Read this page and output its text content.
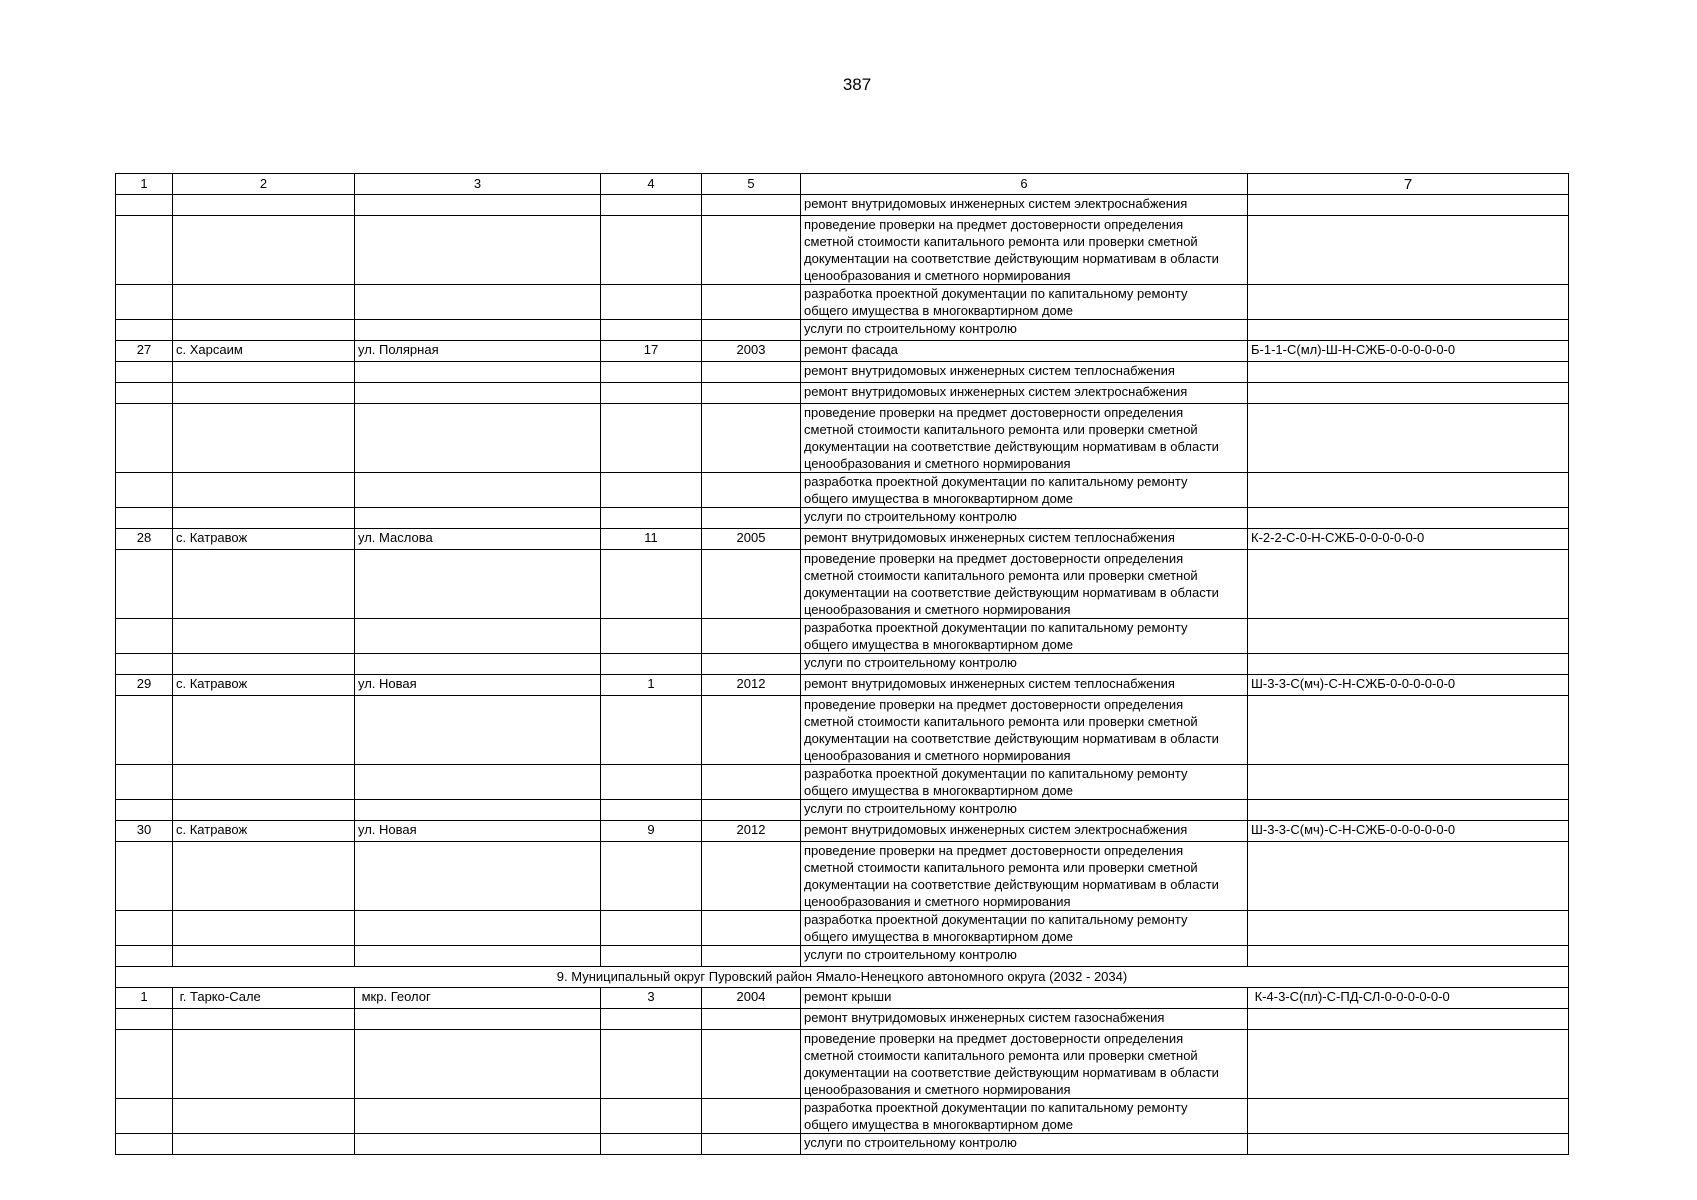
387
1	2	3	4	5	6	7
					ремонт внутридомовых инженерных систем электроснабжения	

					проведение проверки на предмет достоверности определения
сметной стоимости капитального ремонта или проверки сметной
документации на соответствие действующим нормативам в области
ценообразования и сметного нормирования	

					разработка проектной документации по капитальному ремонту
общего имущества в многоквартирном доме	

					услуги по строительному контролю	
27	с. Харсаим	ул. Полярная	17	2003	ремонт фасада	Б-1-1-С(мл)-Ш-Н-СЖБ-0-0-0-0-0-0
					ремонт внутридомовых инженерных систем теплоснабжения	
					ремонт внутридомовых инженерных систем электроснабжения	

					проведение проверки на предмет достоверности определения
сметной стоимости капитального ремонта или проверки сметной
документации на соответствие действующим нормативам в области
ценообразования и сметного нормирования	

					разработка проектной документации по капитальному ремонту
общего имущества в многоквартирном доме	

					услуги по строительному контролю	
28	с. Катравож	ул. Маслова	11	2005	ремонт внутридомовых инженерных систем теплоснабжения	К-2-2-С-0-Н-СЖБ-0-0-0-0-0-0

					проведение проверки на предмет достоверности определения
сметной стоимости капитального ремонта или проверки сметной
документации на соответствие действующим нормативам в области
ценообразования и сметного нормирования	

					разработка проектной документации по капитальному ремонту
общего имущества в многоквартирном доме	

					услуги по строительному контролю	
29	с. Катравож	ул. Новая	1	2012	ремонт внутридомовых инженерных систем теплоснабжения	Ш-3-3-С(мч)-С-Н-СЖБ-0-0-0-0-0-0

					проведение проверки на предмет достоверности определения
сметной стоимости капитального ремонта или проверки сметной
документации на соответствие действующим нормативам в области
ценообразования и сметного нормирования	

					разработка проектной документации по капитальному ремонту
общего имущества в многоквартирном доме	

					услуги по строительному контролю	
30	с. Катравож	ул. Новая	9	2012	ремонт внутридомовых инженерных систем электроснабжения	Ш-3-3-С(мч)-С-Н-СЖБ-0-0-0-0-0-0

					проведение проверки на предмет достоверности определения
сметной стоимости капитального ремонта или проверки сметной
документации на соответствие действующим нормативам в области
ценообразования и сметного нормирования	

					разработка проектной документации по капитальному ремонту
общего имущества в многоквартирном доме	

					услуги по строительному контролю	
9. Муниципальный округ Пуровский район Ямало-Ненецкого автономного округа (2032 - 2034)						
1	г. Тарко-Сале	мкр. Геолог	3	2004	ремонт крыши	К-4-3-С(пл)-С-ПД-СЛ-0-0-0-0-0-0
					ремонт внутридомовых инженерных систем газоснабжения	

					проведение проверки на предмет достоверности определения
сметной стоимости капитального ремонта или проверки сметной
документации на соответствие действующим нормативам в области
ценообразования и сметного нормирования	

					разработка проектной документации по капитальному ремонту
общего имущества в многоквартирном доме	

					услуги по строительному контролю	
